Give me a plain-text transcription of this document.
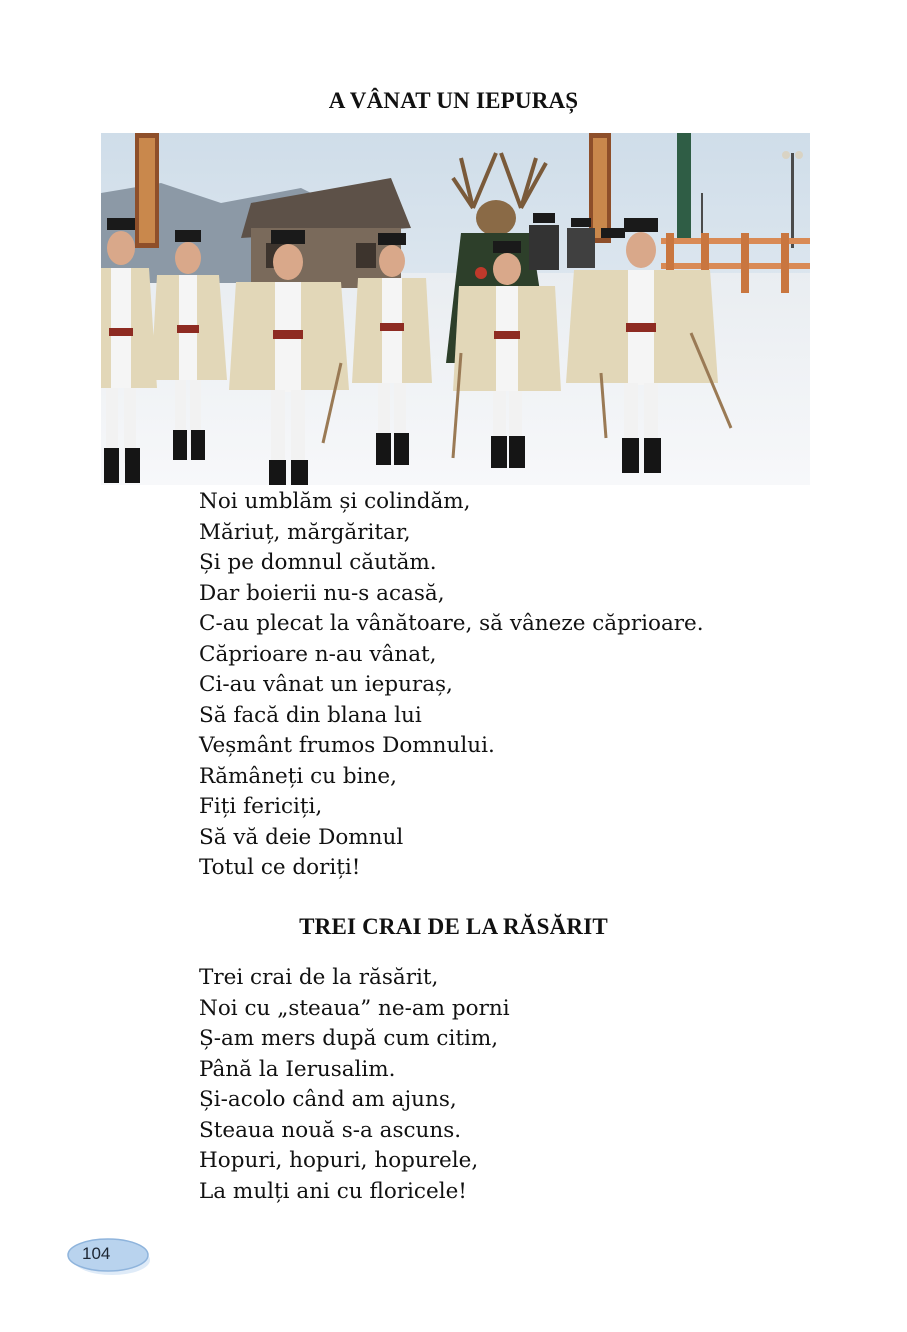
A VÂNAT UN IEPURAȘ
Noi umblăm și colindăm,
Măriuț, mărgăritar,
Și pe domnul căutăm.
Dar boierii nu-s acasă,
C-au plecat la vânătoare, să vâneze căprioare.
Căprioare n-au vânat,
Ci-au vânat un iepuraș,
Să facă din blana lui
Veșmânt frumos Domnului.
Rămâneți cu bine,
Fiți fericiți,
Să vă deie Domnul
Totul ce doriți!
TREI CRAI DE LA RĂSĂRIT
Trei crai de la răsărit,
Noi cu „steaua” ne-am porni
Ș-am mers după cum citim,
Până la Ierusalim.
Și-acolo când am ajuns,
Steaua nouă s-a ascuns.
Hopuri, hopuri, hopurele,
La mulți ani cu floricele!
104
